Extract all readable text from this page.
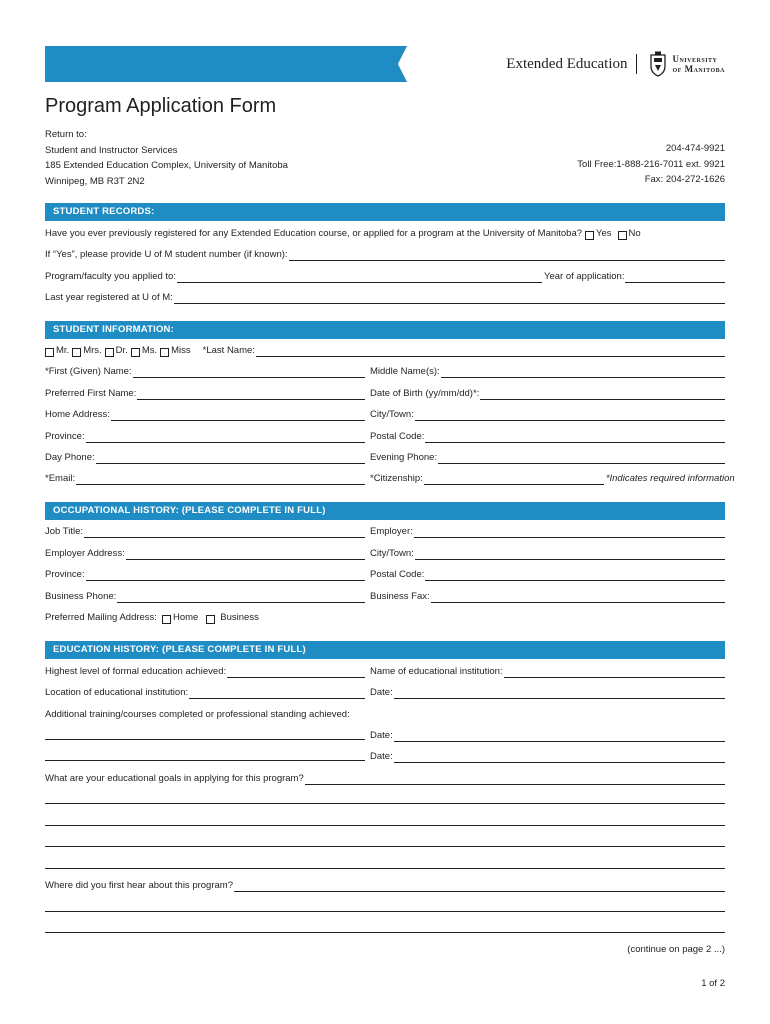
Extended Education	University
of Manitoba
Program Application Form
Return to:
Student and Instructor Services
185 Extended Education Complex, University of Manitoba
Winnipeg, MB R3T 2N2
204-474-9921
Toll Free:1-888-216-7011 ext. 9921
Fax: 204-272-1626
STUDENT RECORDS:
Have you ever previously registered for any Extended Education course, or applied for a program at the University of Manitoba? Yes No
If “Yes”, please provide U of M student number (if known):
Program/faculty you applied to:	Year of application:
Last year registered at U of M:
STUDENT INFORMATION:
Mr. Mrs. Dr. Ms. Miss *Last Name:
*First (Given) Name:	Middle Name(s):
Preferred First Name:	Date of Birth (yy/mm/dd)*:
Home Address:	City/Town:
Province:	Postal Code:
Day Phone:	Evening Phone:
*Email:	*Citizenship:	*Indicates required information
OCCUPATIONAL HISTORY: (PLEASE COMPLETE IN FULL)
Job Title:	Employer:
Employer Address:	City/Town:
Province:	Postal Code:
Business Phone:	Business Fax:
Preferred Mailing Address: Home Business
EDUCATION HISTORY: (PLEASE COMPLETE IN FULL)
Highest level of formal education achieved:	Name of educational institution:
Location of educational institution:	Date:
Additional training/courses completed or professional standing achieved:
Date:
Date:
What are your educational goals in applying for this program?
Where did you first hear about this program?
(continue on page 2 ...)
1 of 2
